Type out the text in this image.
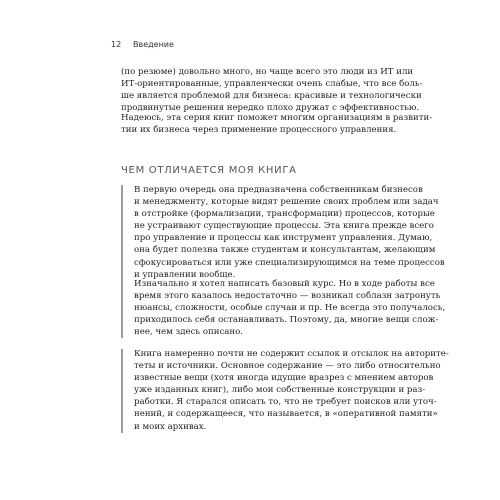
12 Введение

(по резюме) довольно много, но чаще всего это люди из ИТ или
ИТ-ориентированные, управленчески очень слабые, что все боль-
ше является проблемой для бизнеса: красивые и технологически
продвинутые решения нередко плохо дружат с эффективностью.

Надеюсь, эта серия книг поможет многим организациям в развити-
тии их бизнеса через применение процессного управления.

ЧЕМ ОТЛИЧАЕТСЯ МОЯ КНИГА

В первую очередь она предназначена собственникам бизнесов
и менеджменту, которые видят решение своих проблем или задач
в отстройке (формализации, трансформации) процессов, которые
не устраивают существующие процессы. Эта книга прежде всего
про управление и процессы как инструмент управления. Думаю,
она будет полезна также студентам и консультантам, желающим
сфокусироваться или уже специализирующимся на теме процессов
и управлении вообще.

Изначально я хотел написать базовый курс. Но в ходе работы все
время этого казалось недостаточно — возникал соблазн затронуть
нюансы, сложности, особые случаи и пр. Не всегда это получалось,
приходилось себя останавливать. Поэтому, да, многие вещи слож-
нее, чем здесь описано.

Книга намеренно почти не содержит ссылок и отсылок на авторите-
теты и источники. Основное содержание — это либо относительно
известные вещи (хотя иногда идущие вразрез с мнением авторов
уже изданных книг), либо мои собственные конструкции и раз-
работки. Я старался описать то, что не требует поисков или уточ-
нений, и содержащееся, что называется, в «оперативной памяти»
и моих архивах.
